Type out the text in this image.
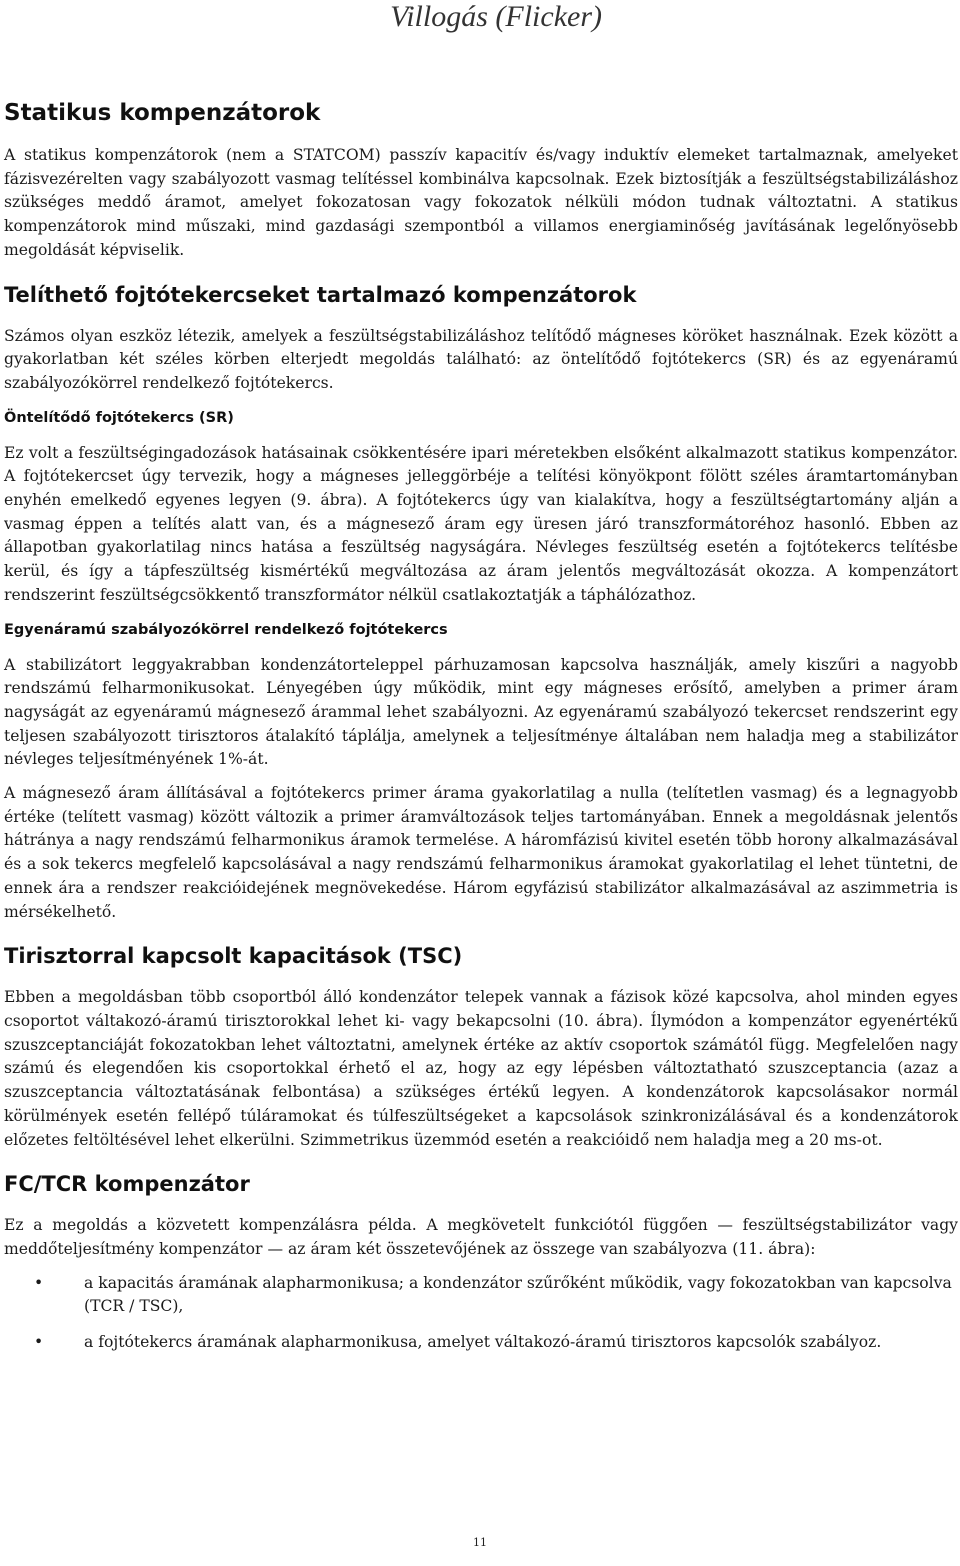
Villogás (Flicker)
Statikus kompenzátorok

A statikus kompenzátorok (nem a STATCOM) passzív kapacitív és/vagy induktív elemeket tartalmaznak, amelyeket fázisvezérelten vagy szabályozott vasmag telítéssel kombinálva kapcsolnak. Ezek biztosítják a feszültségstabilizáláshoz szükséges meddő áramot, amelyet fokozatosan vagy fokozatok nélküli módon tudnak változtatni. A statikus kompenzátorok mind műszaki, mind gazdasági szempontból a villamos energiaminőség javításának legelőnyösebb megoldását képviselik.

Telíthető fojtótekercseket tartalmazó kompenzátorok

Számos olyan eszköz létezik, amelyek a feszültségstabilizáláshoz telítődő mágneses köröket használnak. Ezek között a gyakorlatban két széles körben elterjedt megoldás található: az öntelítődő fojtótekercs (SR) és az egyenáramú szabályozókörrel rendelkező fojtótekercs.

Öntelítődő fojtótekercs (SR)

Ez volt a feszültségingadozások hatásainak csökkentésére ipari méretekben elsőként alkalmazott statikus kompenzátor. A fojtótekercset úgy tervezik, hogy a mágneses jelleggörbéje a telítési könyökpont fölött széles áramtartományban enyhén emelkedő egyenes legyen (9. ábra). A fojtótekercs úgy van kialakítva, hogy a feszültségtartomány alján a vasmag éppen a telítés alatt van, és a mágnesező áram egy üresen járó transzformátoréhoz hasonló. Ebben az állapotban gyakorlatilag nincs hatása a feszültség nagyságára. Névleges feszültség esetén a fojtótekercs telítésbe kerül, és így a tápfeszültség kismértékű megváltozása az áram jelentős megváltozását okozza. A kompenzátort rendszerint feszültségcsökkentő transzformátor nélkül csatlakoztatják a táphálózathoz.

Egyenáramú szabályozókörrel rendelkező fojtótekercs

A stabilizátort leggyakrabban kondenzátorteleppel párhuzamosan kapcsolva használják, amely kiszűri a nagyobb rendszámú felharmonikusokat. Lényegében úgy működik, mint egy mágneses erősítő, amelyben a primer áram nagyságát az egyenáramú mágnesező árammal lehet szabályozni. Az egyenáramú szabályozó tekercset rendszerint egy teljesen szabályozott tirisztoros átalakító táplálja, amelynek a teljesítménye általában nem haladja meg a stabilizátor névleges teljesítményének 1%-át.

A mágnesező áram állításával a fojtótekercs primer árama gyakorlatilag a nulla (telítetlen vasmag) és a legnagyobb értéke (telített vasmag) között változik a primer áramváltozások teljes tartományában. Ennek a megoldásnak jelentős hátránya a nagy rendszámú felharmonikus áramok termelése. A háromfázisú kivitel esetén több horony alkalmazásával és a sok tekercs megfelelő kapcsolásával a nagy rendszámú felharmonikus áramokat gyakorlatilag el lehet tüntetni, de ennek ára a rendszer reakcióidejének megnövekedése. Három egyfázisú stabilizátor alkalmazásával az aszimmetria is mérsékelhető.

Tirisztorral kapcsolt kapacitások (TSC)

Ebben a megoldásban több csoportból álló kondenzátor telepek vannak a fázisok közé kapcsolva, ahol minden egyes csoportot váltakozó-áramú tirisztorokkal lehet ki- vagy bekapcsolni (10. ábra). Ílymódon a kompenzátor egyenértékű szuszceptanciáját fokozatokban lehet változtatni, amelynek értéke az aktív csoportok számától függ. Megfelelően nagy számú és elegendően kis csoportokkal érhető el az, hogy az egy lépésben változtatható szuszceptancia (azaz a szuszceptancia változtatásának felbontása) a szükséges értékű legyen. A kondenzátorok kapcsolásakor normál körülmények esetén fellépő túláramokat és túlfeszültségeket a kapcsolások szinkronizálásával és a kondenzátorok előzetes feltöltésével lehet elkerülni. Szimmetrikus üzemmód esetén a reakcióidő nem haladja meg a 20 ms-ot.

FC/TCR kompenzátor

Ez a megoldás a közvetett kompenzálásra példa. A megkövetelt funkciótól függően — feszültségstabilizátor vagy meddőteljesítmény kompenzátor — az áram két összetevőjének az összege van szabályozva (11. ábra):

•	a kapacitás áramának alapharmonikusa; a kondenzátor szűrőként működik, vagy fokozatokban van kapcsolva (TCR / TSC),
•	a fojtótekercs áramának alapharmonikusa, amelyet váltakozó-áramú tirisztoros kapcsolók szabályoz.
11
